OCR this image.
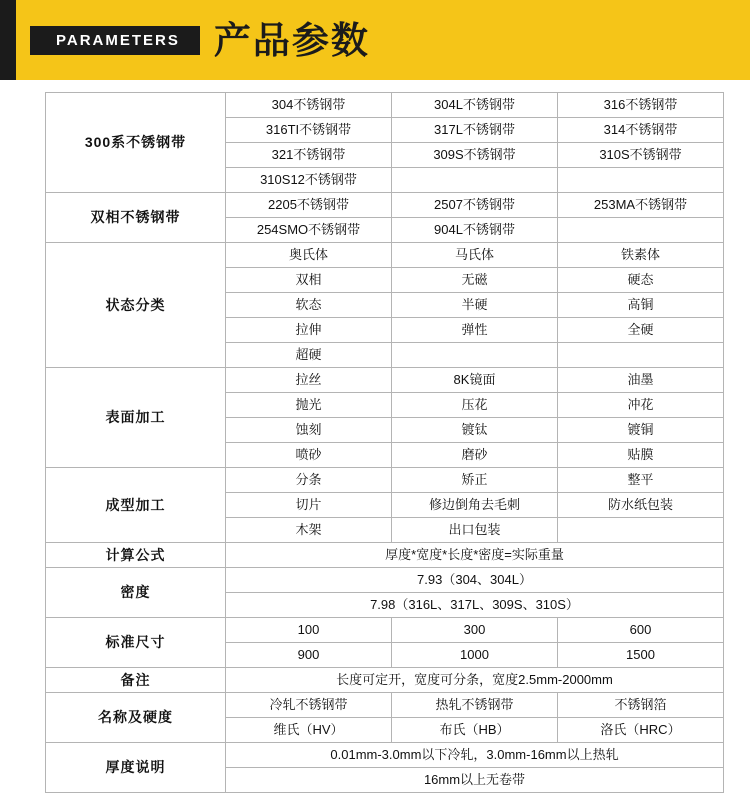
PARAMETERS 产品参数
300系不锈钢带	304不锈钢带	304L不锈钢带	316不锈钢带
	316TI不锈钢带	317L不锈钢带	314不锈钢带
	321不锈钢带	309S不锈钢带	310S不锈钢带
	310S12不锈钢带		
双相不锈钢带	2205不锈钢带	2507不锈钢带	253MA不锈钢带
	254SMO不锈钢带	904L不锈钢带	
状态分类	奥氏体	马氏体	铁素体
	双相	无磁	硬态
	软态	半硬	高铜
	拉伸	弹性	全硬
	超硬		
表面加工	拉丝	8K镜面	油墨
	抛光	压花	冲花
	蚀刻	镀钛	镀铜
	喷砂	磨砂	贴膜
成型加工	分条	矫正	整平
	切片	修边倒角去毛刺	防水纸包装
	木架	出口包装	
计算公式	厚度*宽度*长度*密度=实际重量		
密度	7.93（304、304L）		
	7.98（316L、317L、309S、310S）		
标准尺寸	100	300	600
	900	1000	1500
备注	长度可定开，宽度可分条，宽度2.5mm-2000mm		
名称及硬度	冷轧不锈钢带	热轧不锈钢带	不锈钢箔
	维氏（HV）	布氏（HB）	洛氏（HRC）
厚度说明	0.01mm-3.0mm以下冷轧，3.0mm-16mm以上热轧		
	16mm以上无卷带		
